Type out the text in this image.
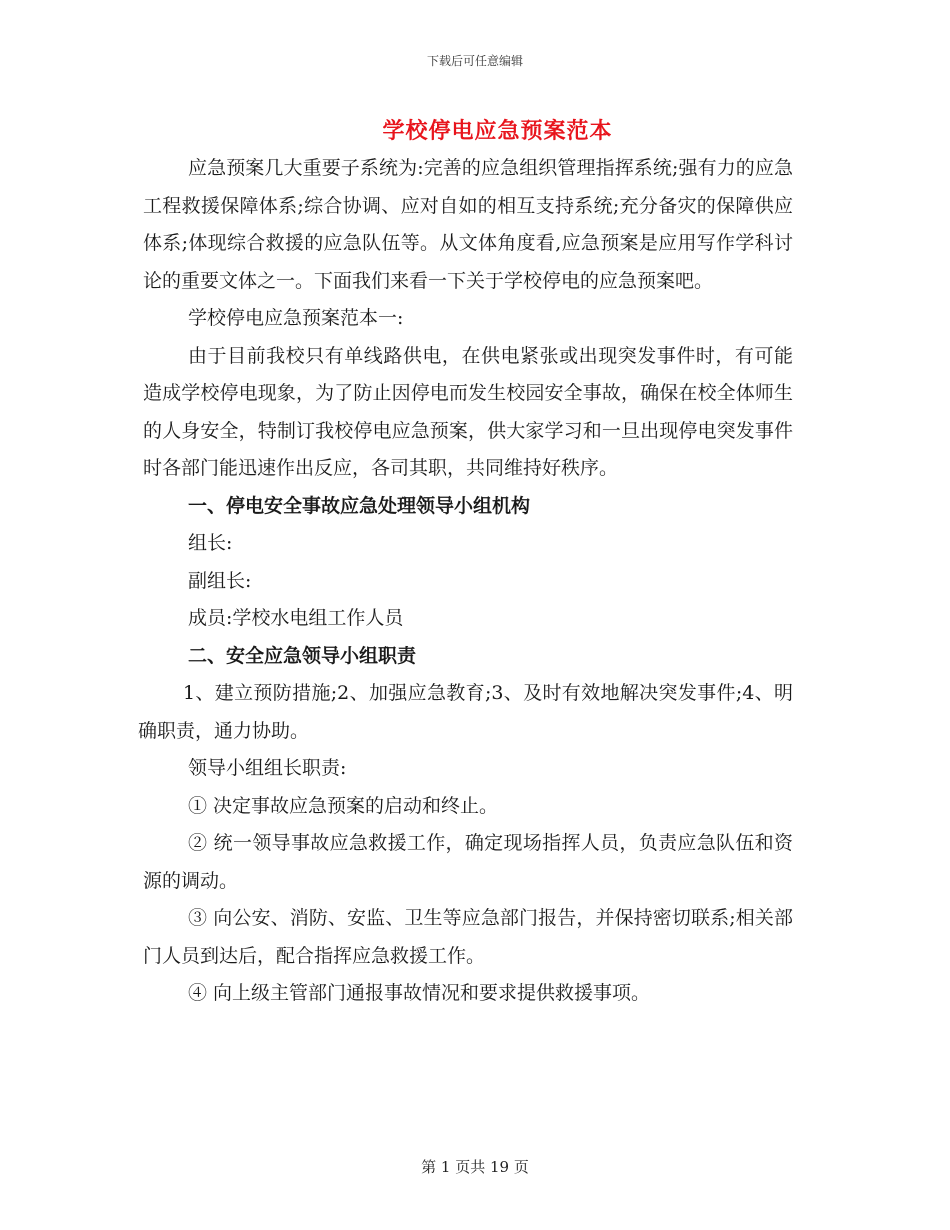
下载后可任意编辑
学校停电应急预案范本

应急预案几大重要子系统为:完善的应急组织管理指挥系统;强有力的应急工程救援保障体系;综合协调、应对自如的相互支持系统;充分备灾的保障供应体系;体现综合救援的应急队伍等。从文体角度看,应急预案是应用写作学科讨论的重要文体之一。下面我们来看一下关于学校停电的应急预案吧。

学校停电应急预案范本一:

由于目前我校只有单线路供电，在供电紧张或出现突发事件时，有可能造成学校停电现象，为了防止因停电而发生校园安全事故，确保在校全体师生的人身安全，特制订我校停电应急预案，供大家学习和一旦出现停电突发事件时各部门能迅速作出反应，各司其职，共同维持好秩序。

一、停电安全事故应急处理领导小组机构

组长:

副组长:

成员:学校水电组工作人员

二、安全应急领导小组职责

1、建立预防措施;2、加强应急教育;3、及时有效地解决突发事件;4、明确职责，通力协助。

领导小组组长职责:

① 决定事故应急预案的启动和终止。

② 统一领导事故应急救援工作，确定现场指挥人员，负责应急队伍和资源的调动。

③ 向公安、消防、安监、卫生等应急部门报告，并保持密切联系;相关部门人员到达后，配合指挥应急救援工作。

④ 向上级主管部门通报事故情况和要求提供救援事项。

第 1 页共 19 页
